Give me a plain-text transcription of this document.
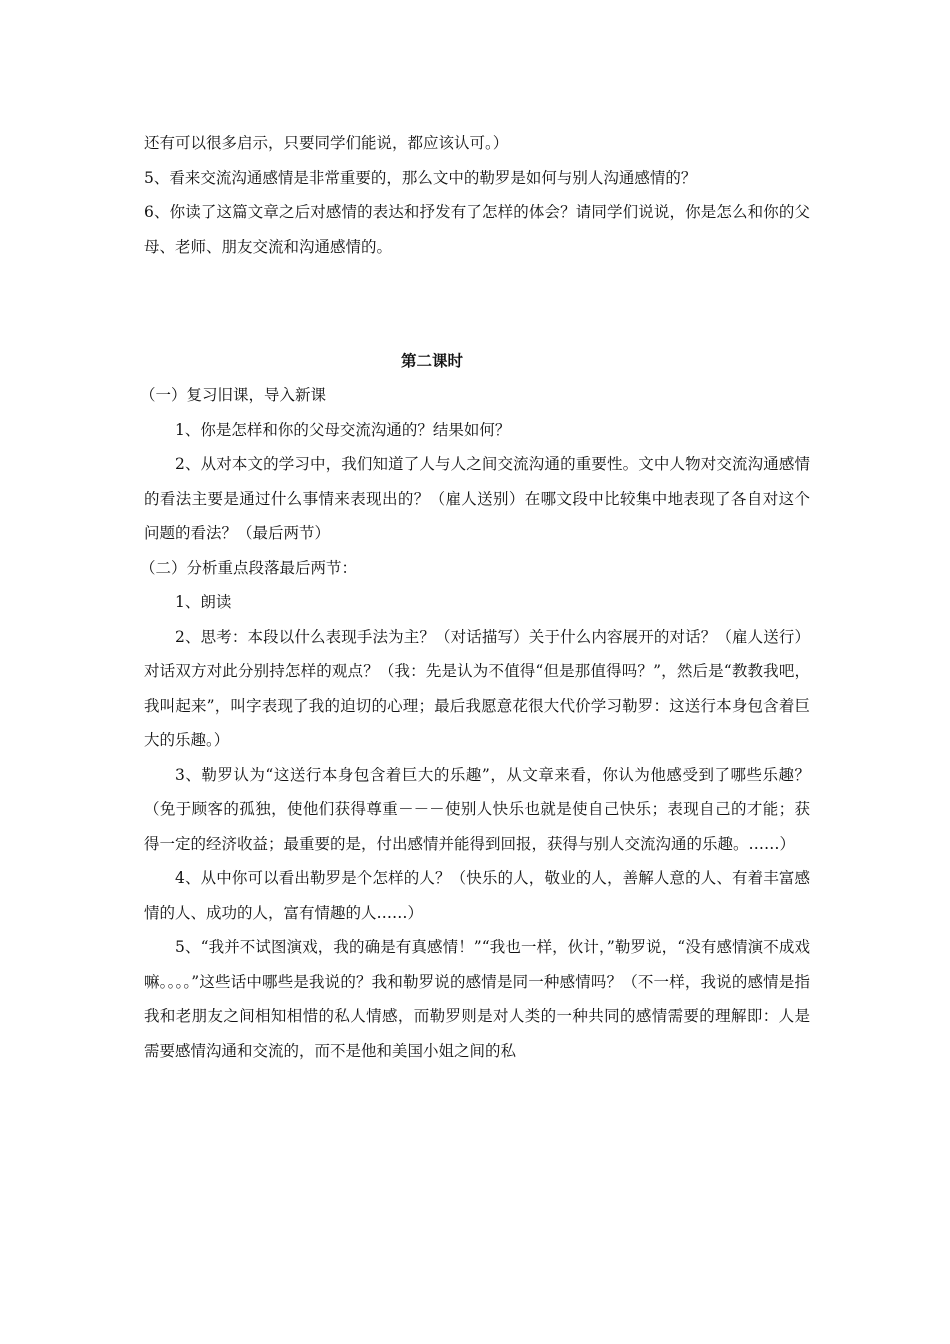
还有可以很多启示，只要同学们能说，都应该认可。）

5、看来交流沟通感情是非常重要的，那么文中的勒罗是如何与别人沟通感情的？

6、你读了这篇文章之后对感情的表达和抒发有了怎样的体会？请同学们说说，你是怎么和你的父母、老师、朋友交流和沟通感情的。

第二课时

（一）复习旧课，导入新课

1、你是怎样和你的父母交流沟通的？结果如何？

2、从对本文的学习中，我们知道了人与人之间交流沟通的重要性。文中人物对交流沟通感情的看法主要是通过什么事情来表现出的？（雇人送别）在哪文段中比较集中地表现了各自对这个问题的看法？（最后两节）

（二）分析重点段落最后两节：

1、朗读

2、思考：本段以什么表现手法为主？（对话描写）关于什么内容展开的对话？（雇人送行）对话双方对此分别持怎样的观点？（我：先是认为不值得“但是那值得吗？”，然后是“教教我吧，我叫起来”，叫字表现了我的迫切的心理；最后我愿意花很大代价学习勒罗：这送行本身包含着巨大的乐趣。）

3、勒罗认为“这送行本身包含着巨大的乐趣”，从文章来看，你认为他感受到了哪些乐趣？（免于顾客的孤独，使他们获得尊重－－－使别人快乐也就是使自己快乐；表现自己的才能；获得一定的经济收益；最重要的是，付出感情并能得到回报，获得与别人交流沟通的乐趣。……）

4、从中你可以看出勒罗是个怎样的人？（快乐的人，敬业的人，善解人意的人、有着丰富感情的人、成功的人，富有情趣的人……）

5、“我并不试图演戏，我的确是有真感情！”“我也一样，伙计，”勒罗说，“没有感情演不成戏嘛。。。。”这些话中哪些是我说的？我和勒罗说的感情是同一种感情吗？（不一样，我说的感情是指我和老朋友之间相知相惜的私人情感，而勒罗则是对人类的一种共同的感情需要的理解即：人是需要感情沟通和交流的，而不是他和美国小姐之间的私
